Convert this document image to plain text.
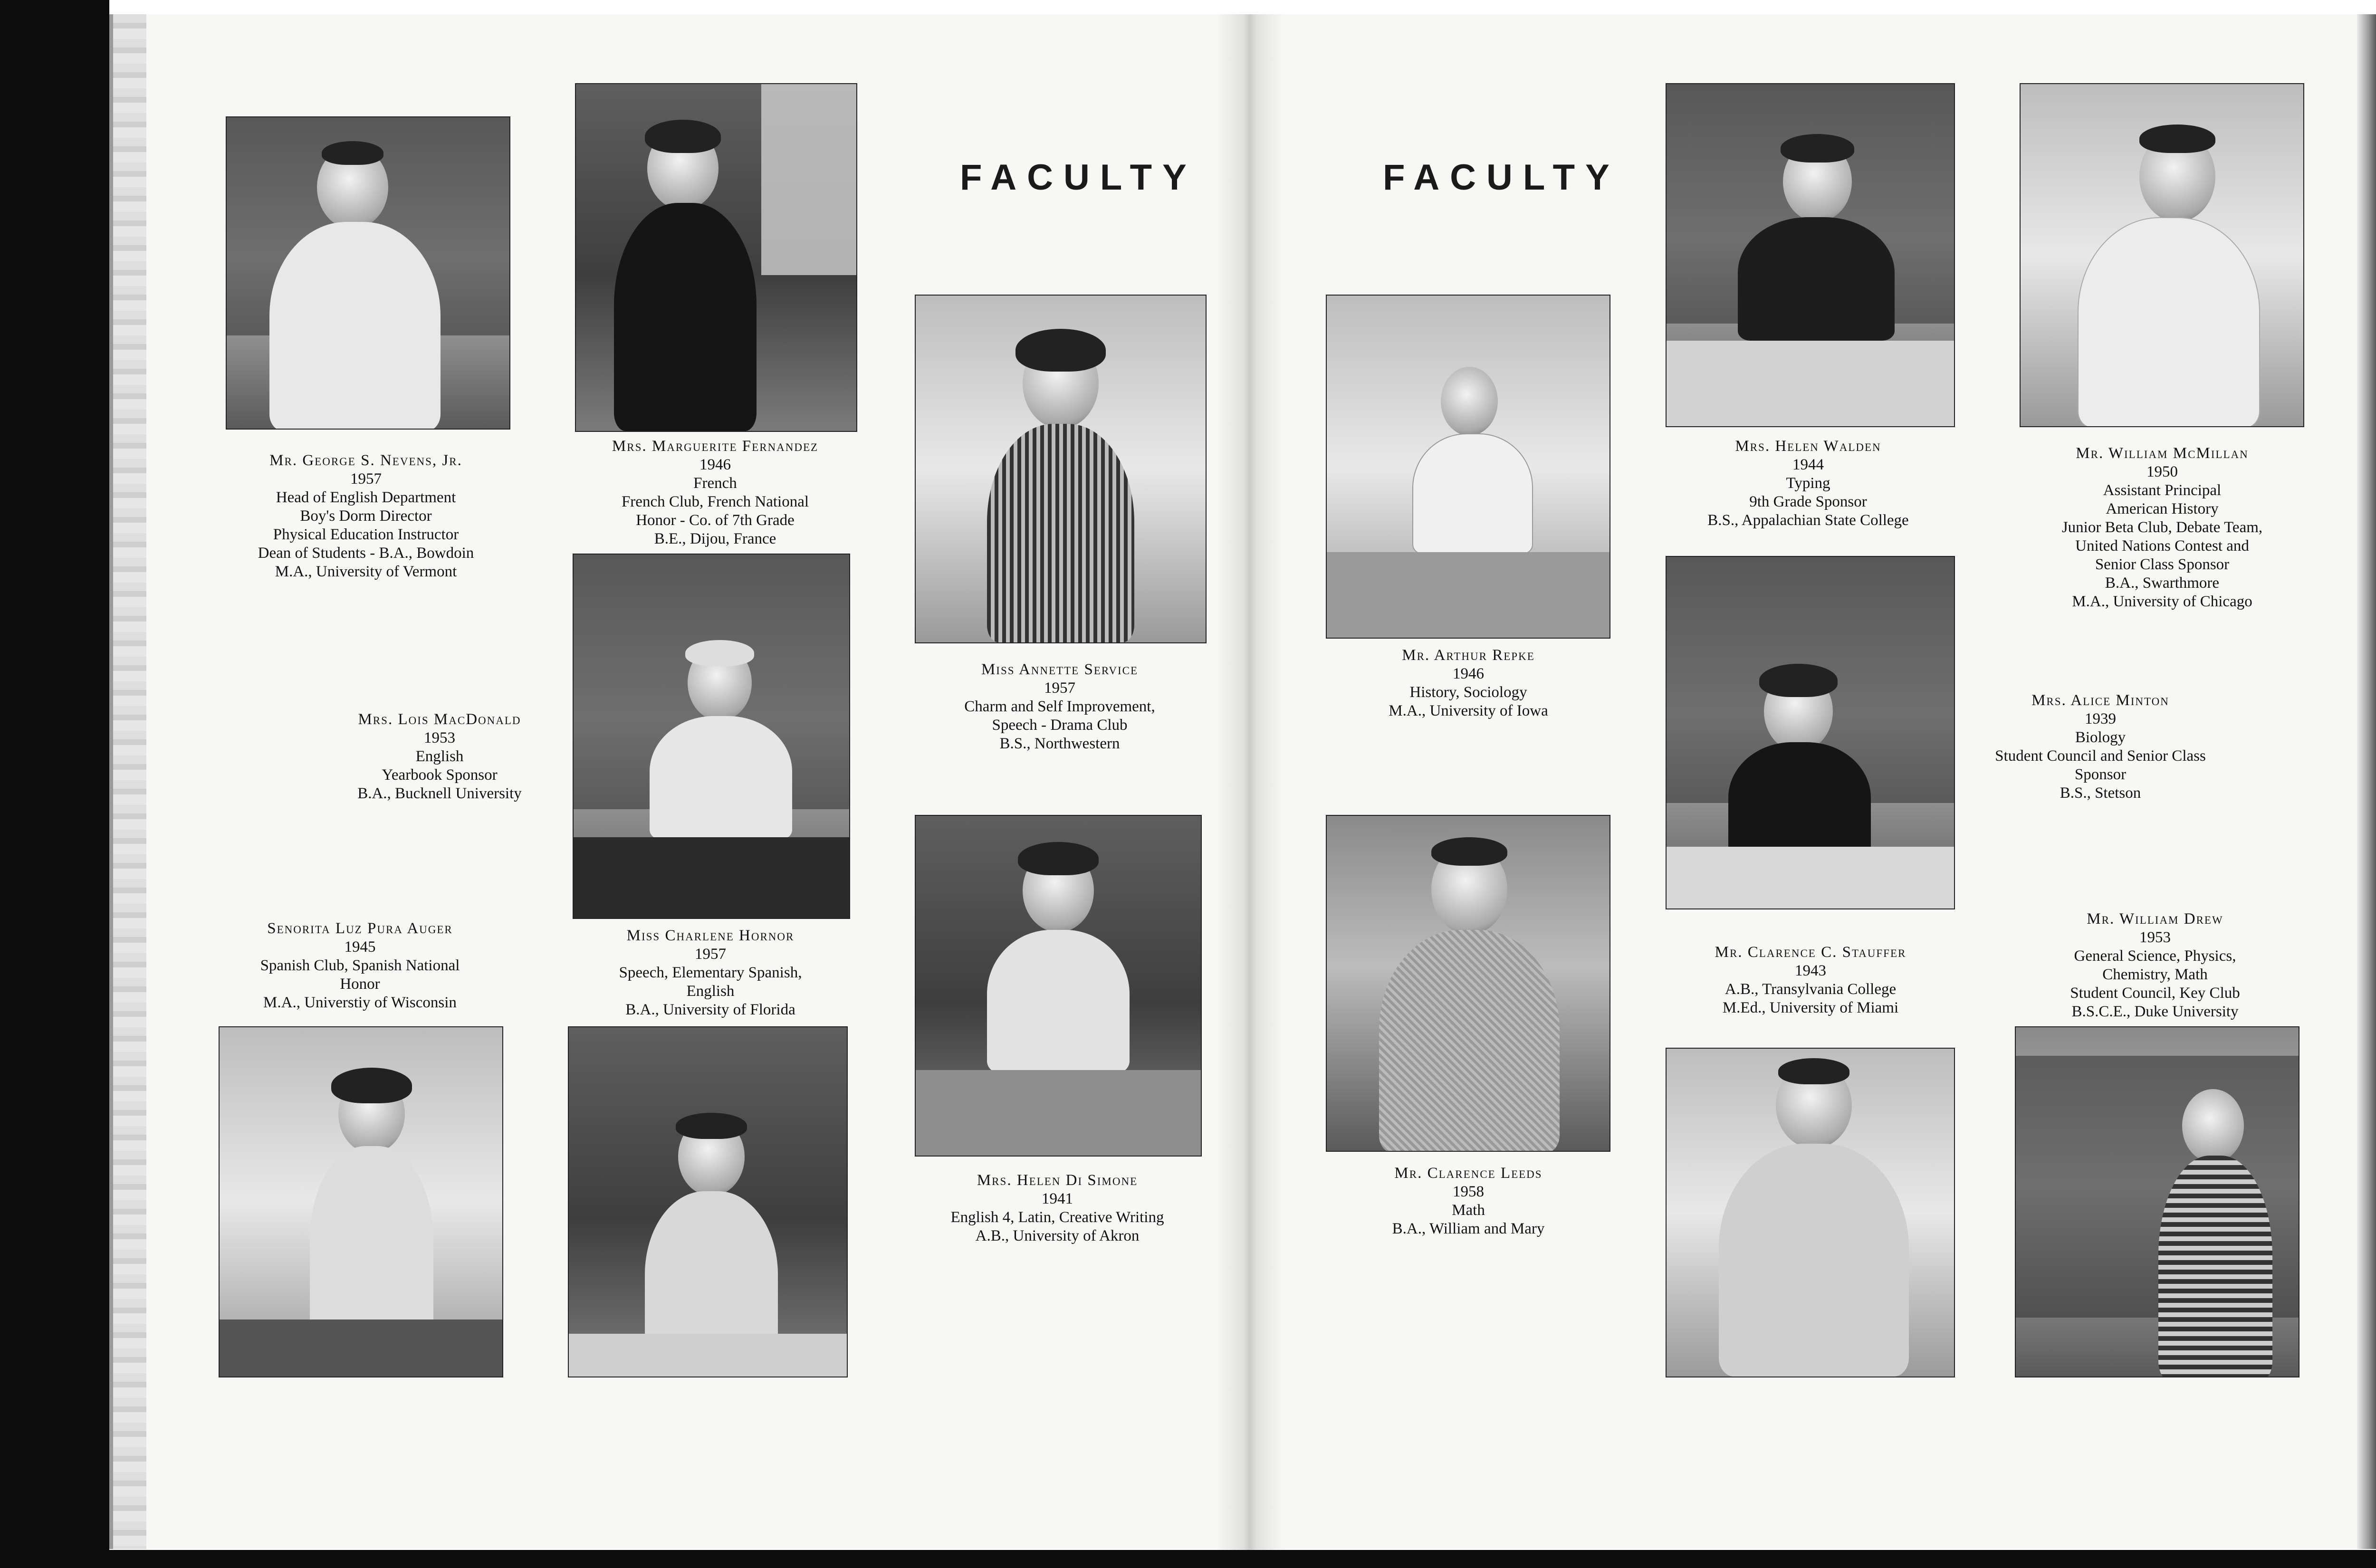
FACULTY	FACULTY
Mr. George S. Nevens, Jr.
1957
Head of English Department
Boy's Dorm Director
Physical Education Instructor
Dean of Students - B.A., Bowdoin
M.A., University of Vermont
Mrs. Marguerite Fernandez
1946
French
French Club, French National
Honor - Co. of 7th Grade
B.E., Dijou, France
Miss Annette Service
1957
Charm and Self Improvement,
Speech - Drama Club
B.S., Northwestern
Mrs. Lois MacDonald
1953
English
Yearbook Sponsor
B.A., Bucknell University
Senorita Luz Pura Auger
1945
Spanish Club, Spanish National
Honor
M.A., Universtiy of Wisconsin
Miss Charlene Hornor
1957
Speech, Elementary Spanish,
English
B.A., University of Florida
Mrs. Helen Di Simone
1941
English 4, Latin, Creative Writing
A.B., University of Akron
Mr. Arthur Repke
1946
History, Sociology
M.A., University of Iowa
Mrs. Helen Walden
1944
Typing
9th Grade Sponsor
B.S., Appalachian State College
Mr. William McMillan
1950
Assistant Principal
American History
Junior Beta Club, Debate Team,
United Nations Contest and
Senior Class Sponsor
B.A., Swarthmore
M.A., University of Chicago
Mrs. Alice Minton
1939
Biology
Student Council and Senior Class
Sponsor
B.S., Stetson
Mr. Clarence C. Stauffer
1943
A.B., Transylvania College
M.Ed., University of Miami
Mr. William Drew
1953
General Science, Physics,
Chemistry, Math
Student Council, Key Club
B.S.C.E., Duke University
Mr. Clarence Leeds
1958
Math
B.A., William and Mary
